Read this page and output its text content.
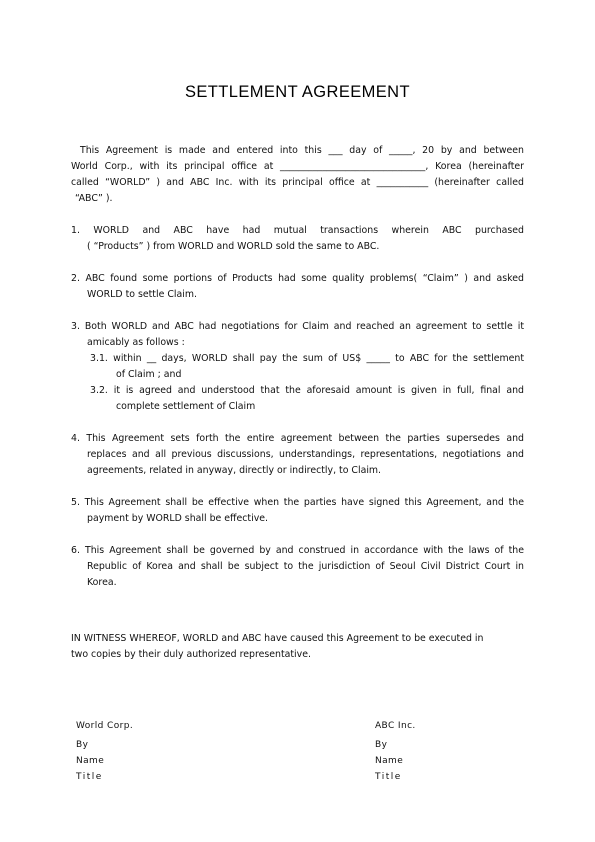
SETTLEMENT AGREEMENT
This Agreement is made and entered into this ___ day of _____, 20 by and between
World Corp., with its principal office at _______________________________, Korea (hereinafter
called “WORLD” ) and ABC Inc. with its principal office at ___________ (hereinafter called
“ABC” ).
1. WORLD and ABC have had mutual transactions wherein ABC purchased
( “Products” ) from WORLD and WORLD sold the same to ABC.
2. ABC found some portions of Products had some quality problems( “Claim” ) and asked
WORLD to settle Claim.
3. Both WORLD and ABC had negotiations for Claim and reached an agreement to settle it
amicably as follows :
3.1. within __ days, WORLD shall pay the sum of US$ _____ to ABC for the settlement
of Claim ; and
3.2. it is agreed and understood that the aforesaid amount is given in full, final and
complete settlement of Claim
4. This Agreement sets forth the entire agreement between the parties supersedes and
replaces and all previous discussions, understandings, representations, negotiations and
agreements, related in anyway, directly or indirectly, to Claim.
5. This Agreement shall be effective when the parties have signed this Agreement, and the
payment by WORLD shall be effective.
6. This Agreement shall be governed by and construed in accordance with the laws of the
Republic of Korea and shall be subject to the jurisdiction of Seoul Civil District Court in
Korea.
IN WITNESS WHEREOF, WORLD and ABC have caused this Agreement to be executed in
two copies by their duly authorized representative.
World Corp.
By
Name
Title
ABC Inc.
By
Name
Title
